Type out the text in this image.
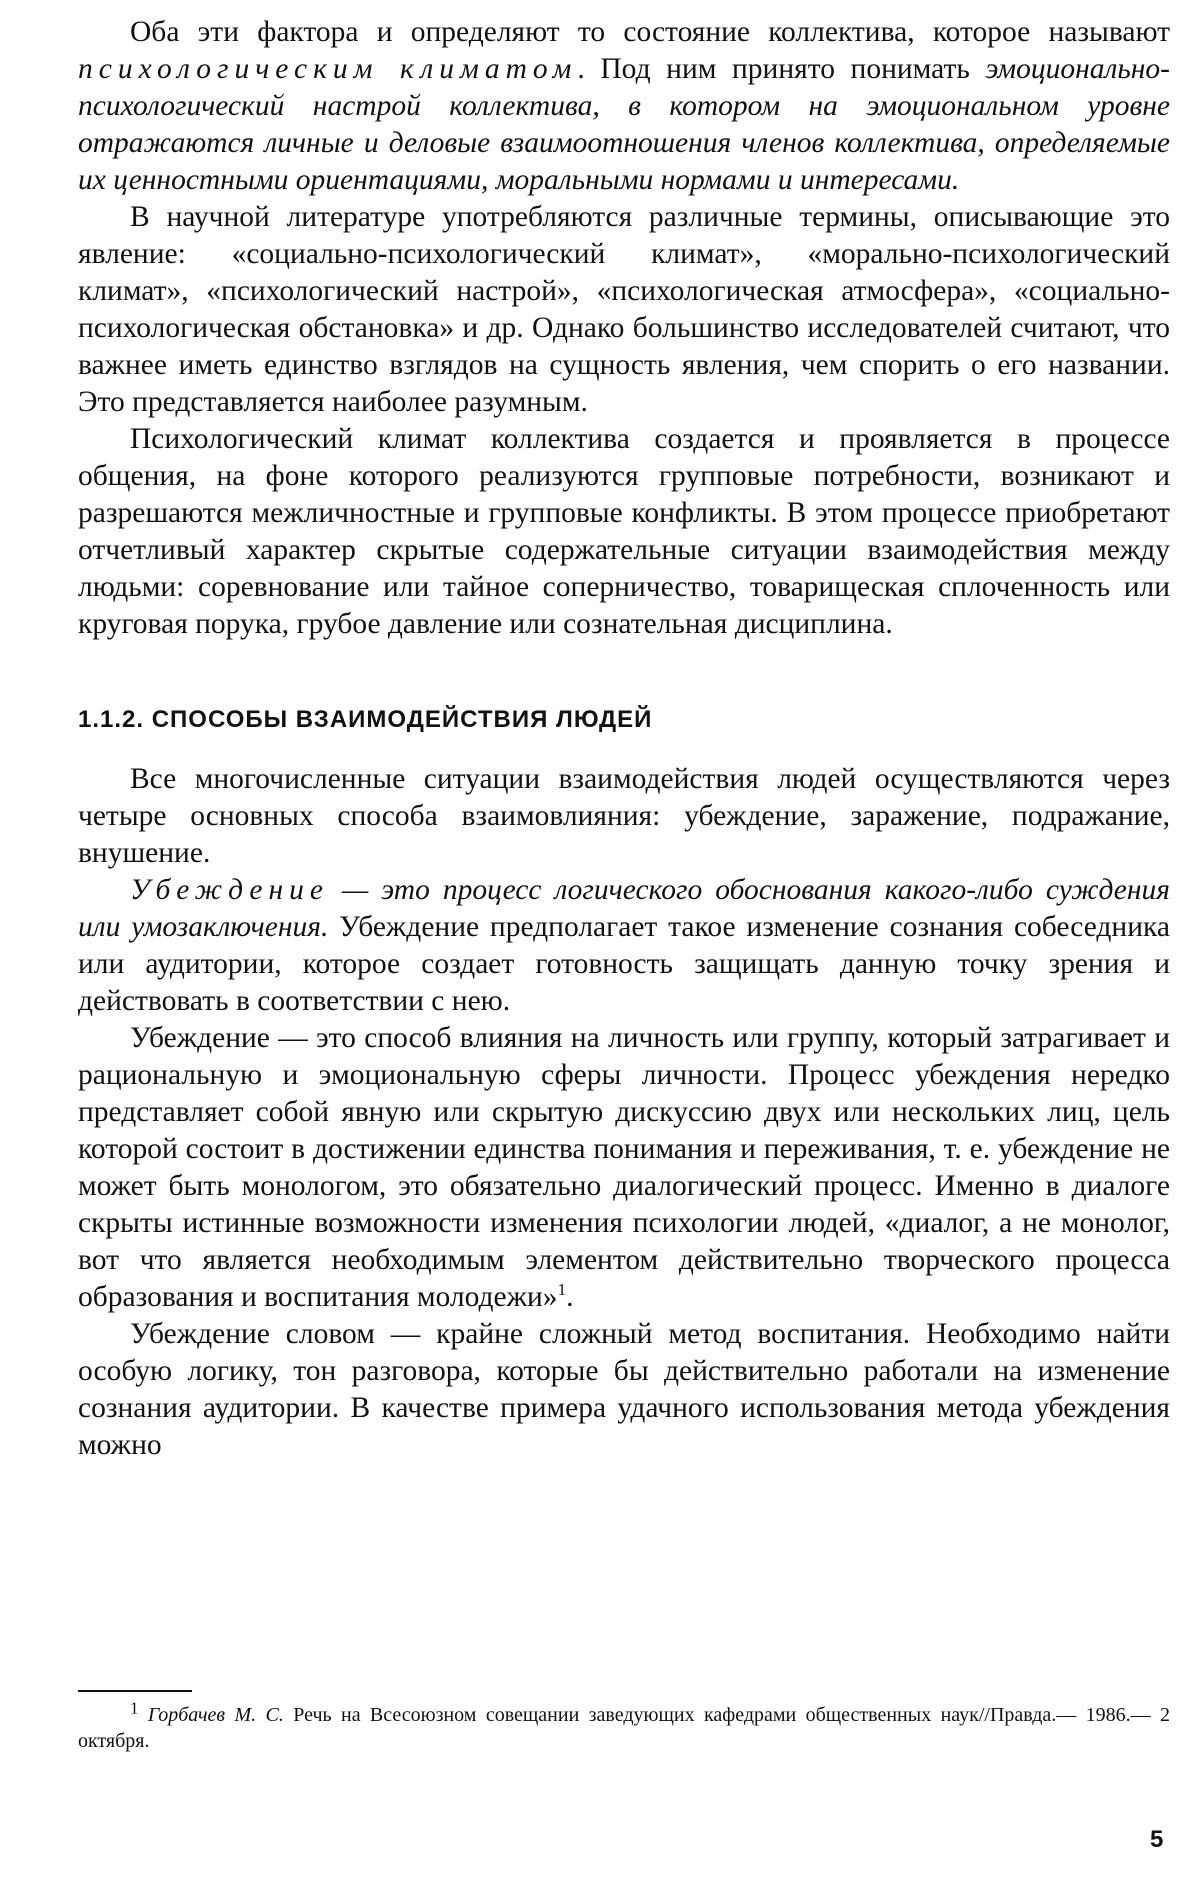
Оба эти фактора и определяют то состояние коллектива, которое называют психологическим климатом. Под ним принято понимать эмоционально-психологический настрой коллектива, в котором на эмоциональном уровне отражаются личные и деловые взаимоотношения членов коллектива, определяемые их ценностными ориентациями, моральными нормами и интересами.

В научной литературе употребляются различные термины, описывающие это явление: «социально-психологический климат», «морально-психологический климат», «психологический настрой», «психологическая атмосфера», «социально-психологическая обстановка» и др. Однако большинство исследователей считают, что важнее иметь единство взглядов на сущность явления, чем спорить о его названии. Это представляется наиболее разумным.

Психологический климат коллектива создается и проявляется в процессе общения, на фоне которого реализуются групповые потребности, возникают и разрешаются межличностные и групповые конфликты. В этом процессе приобретают отчетливый характер скрытые содержательные ситуации взаимодействия между людьми: соревнование или тайное соперничество, товарищеская сплоченность или круговая порука, грубое давление или сознательная дисциплина.

1.1.2. СПОСОБЫ ВЗАИМОДЕЙСТВИЯ ЛЮДЕЙ

Все многочисленные ситуации взаимодействия людей осуществляются через четыре основных способа взаимовлияния: убеждение, заражение, подражание, внушение.

Убеждение — это процесс логического обоснования какого-либо суждения или умозаключения. Убеждение предполагает такое изменение сознания собеседника или аудитории, которое создает готовность защищать данную точку зрения и действовать в соответствии с нею.

Убеждение — это способ влияния на личность или группу, который затрагивает и рациональную и эмоциональную сферы личности. Процесс убеждения нередко представляет собой явную или скрытую дискуссию двух или нескольких лиц, цель которой состоит в достижении единства понимания и переживания, т. е. убеждение не может быть монологом, это обязательно диалогический процесс. Именно в диалоге скрыты истинные возможности изменения психологии людей, «диалог, а не монолог, вот что является необходимым элементом действительно творческого процесса образования и воспитания молодежи»$^1$.

Убеждение словом — крайне сложный метод воспитания. Необходимо найти особую логику, тон разговора, которые бы действительно работали на изменение сознания аудитории. В качестве примера удачного использования метода убеждения можно

$^1$ Горбачев М. С. Речь на Всесоюзном совещании заведующих кафедрами общественных наук//Правда.— 1986.— 2 октября.

5
